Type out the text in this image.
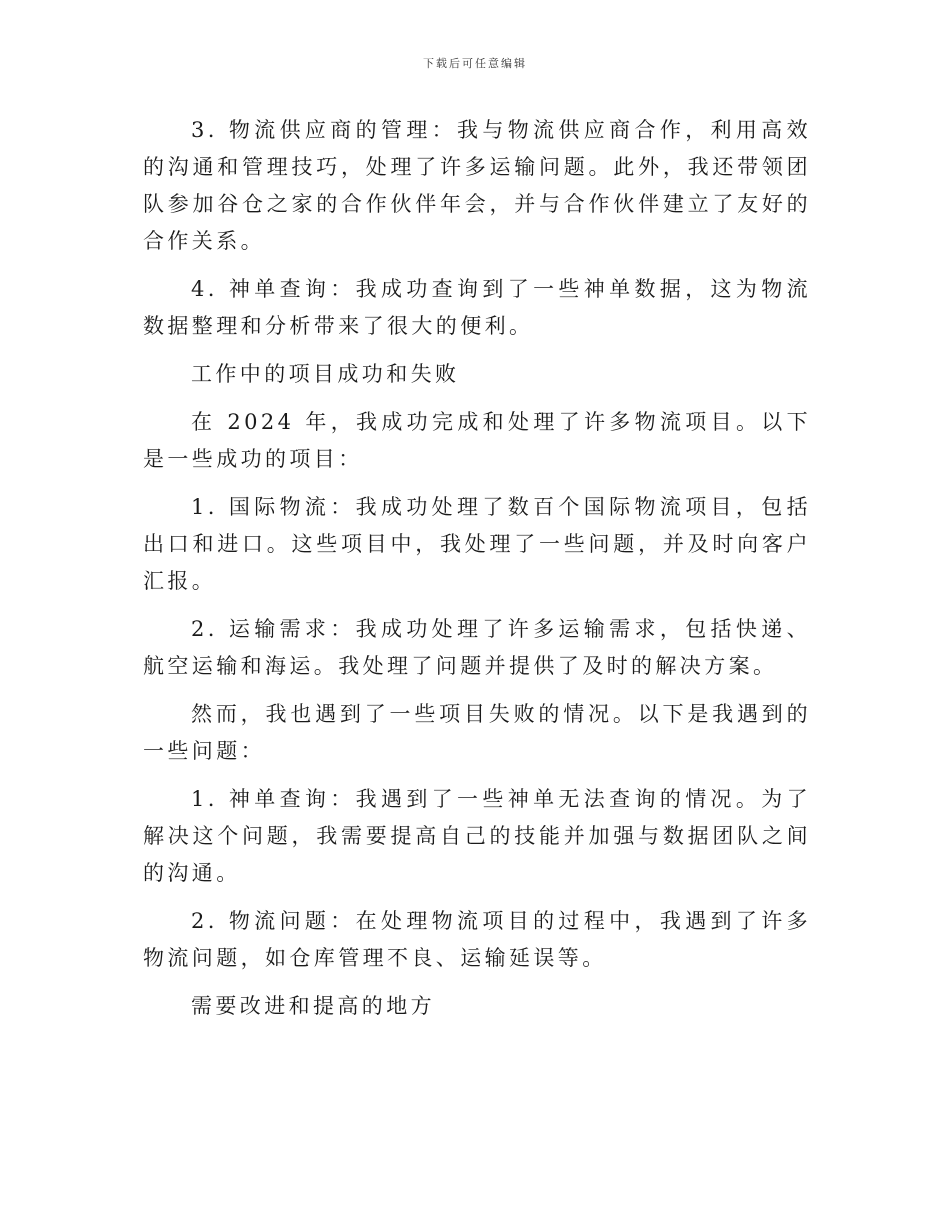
下载后可任意编辑

3. 物流供应商的管理：我与物流供应商合作，利用高效的沟通和管理技巧，处理了许多运输问题。此外，我还带领团队参加谷仓之家的合作伙伴年会，并与合作伙伴建立了友好的合作关系。

4. 神单查询：我成功查询到了一些神单数据，这为物流数据整理和分析带来了很大的便利。

工作中的项目成功和失败

在 2024 年，我成功完成和处理了许多物流项目。以下是一些成功的项目：

1. 国际物流：我成功处理了数百个国际物流项目，包括出口和进口。这些项目中，我处理了一些问题，并及时向客户汇报。

2. 运输需求：我成功处理了许多运输需求，包括快递、航空运输和海运。我处理了问题并提供了及时的解决方案。

然而，我也遇到了一些项目失败的情况。以下是我遇到的一些问题：

1. 神单查询：我遇到了一些神单无法查询的情况。为了解决这个问题，我需要提高自己的技能并加强与数据团队之间的沟通。

2. 物流问题：在处理物流项目的过程中，我遇到了许多物流问题，如仓库管理不良、运输延误等。

需要改进和提高的地方
